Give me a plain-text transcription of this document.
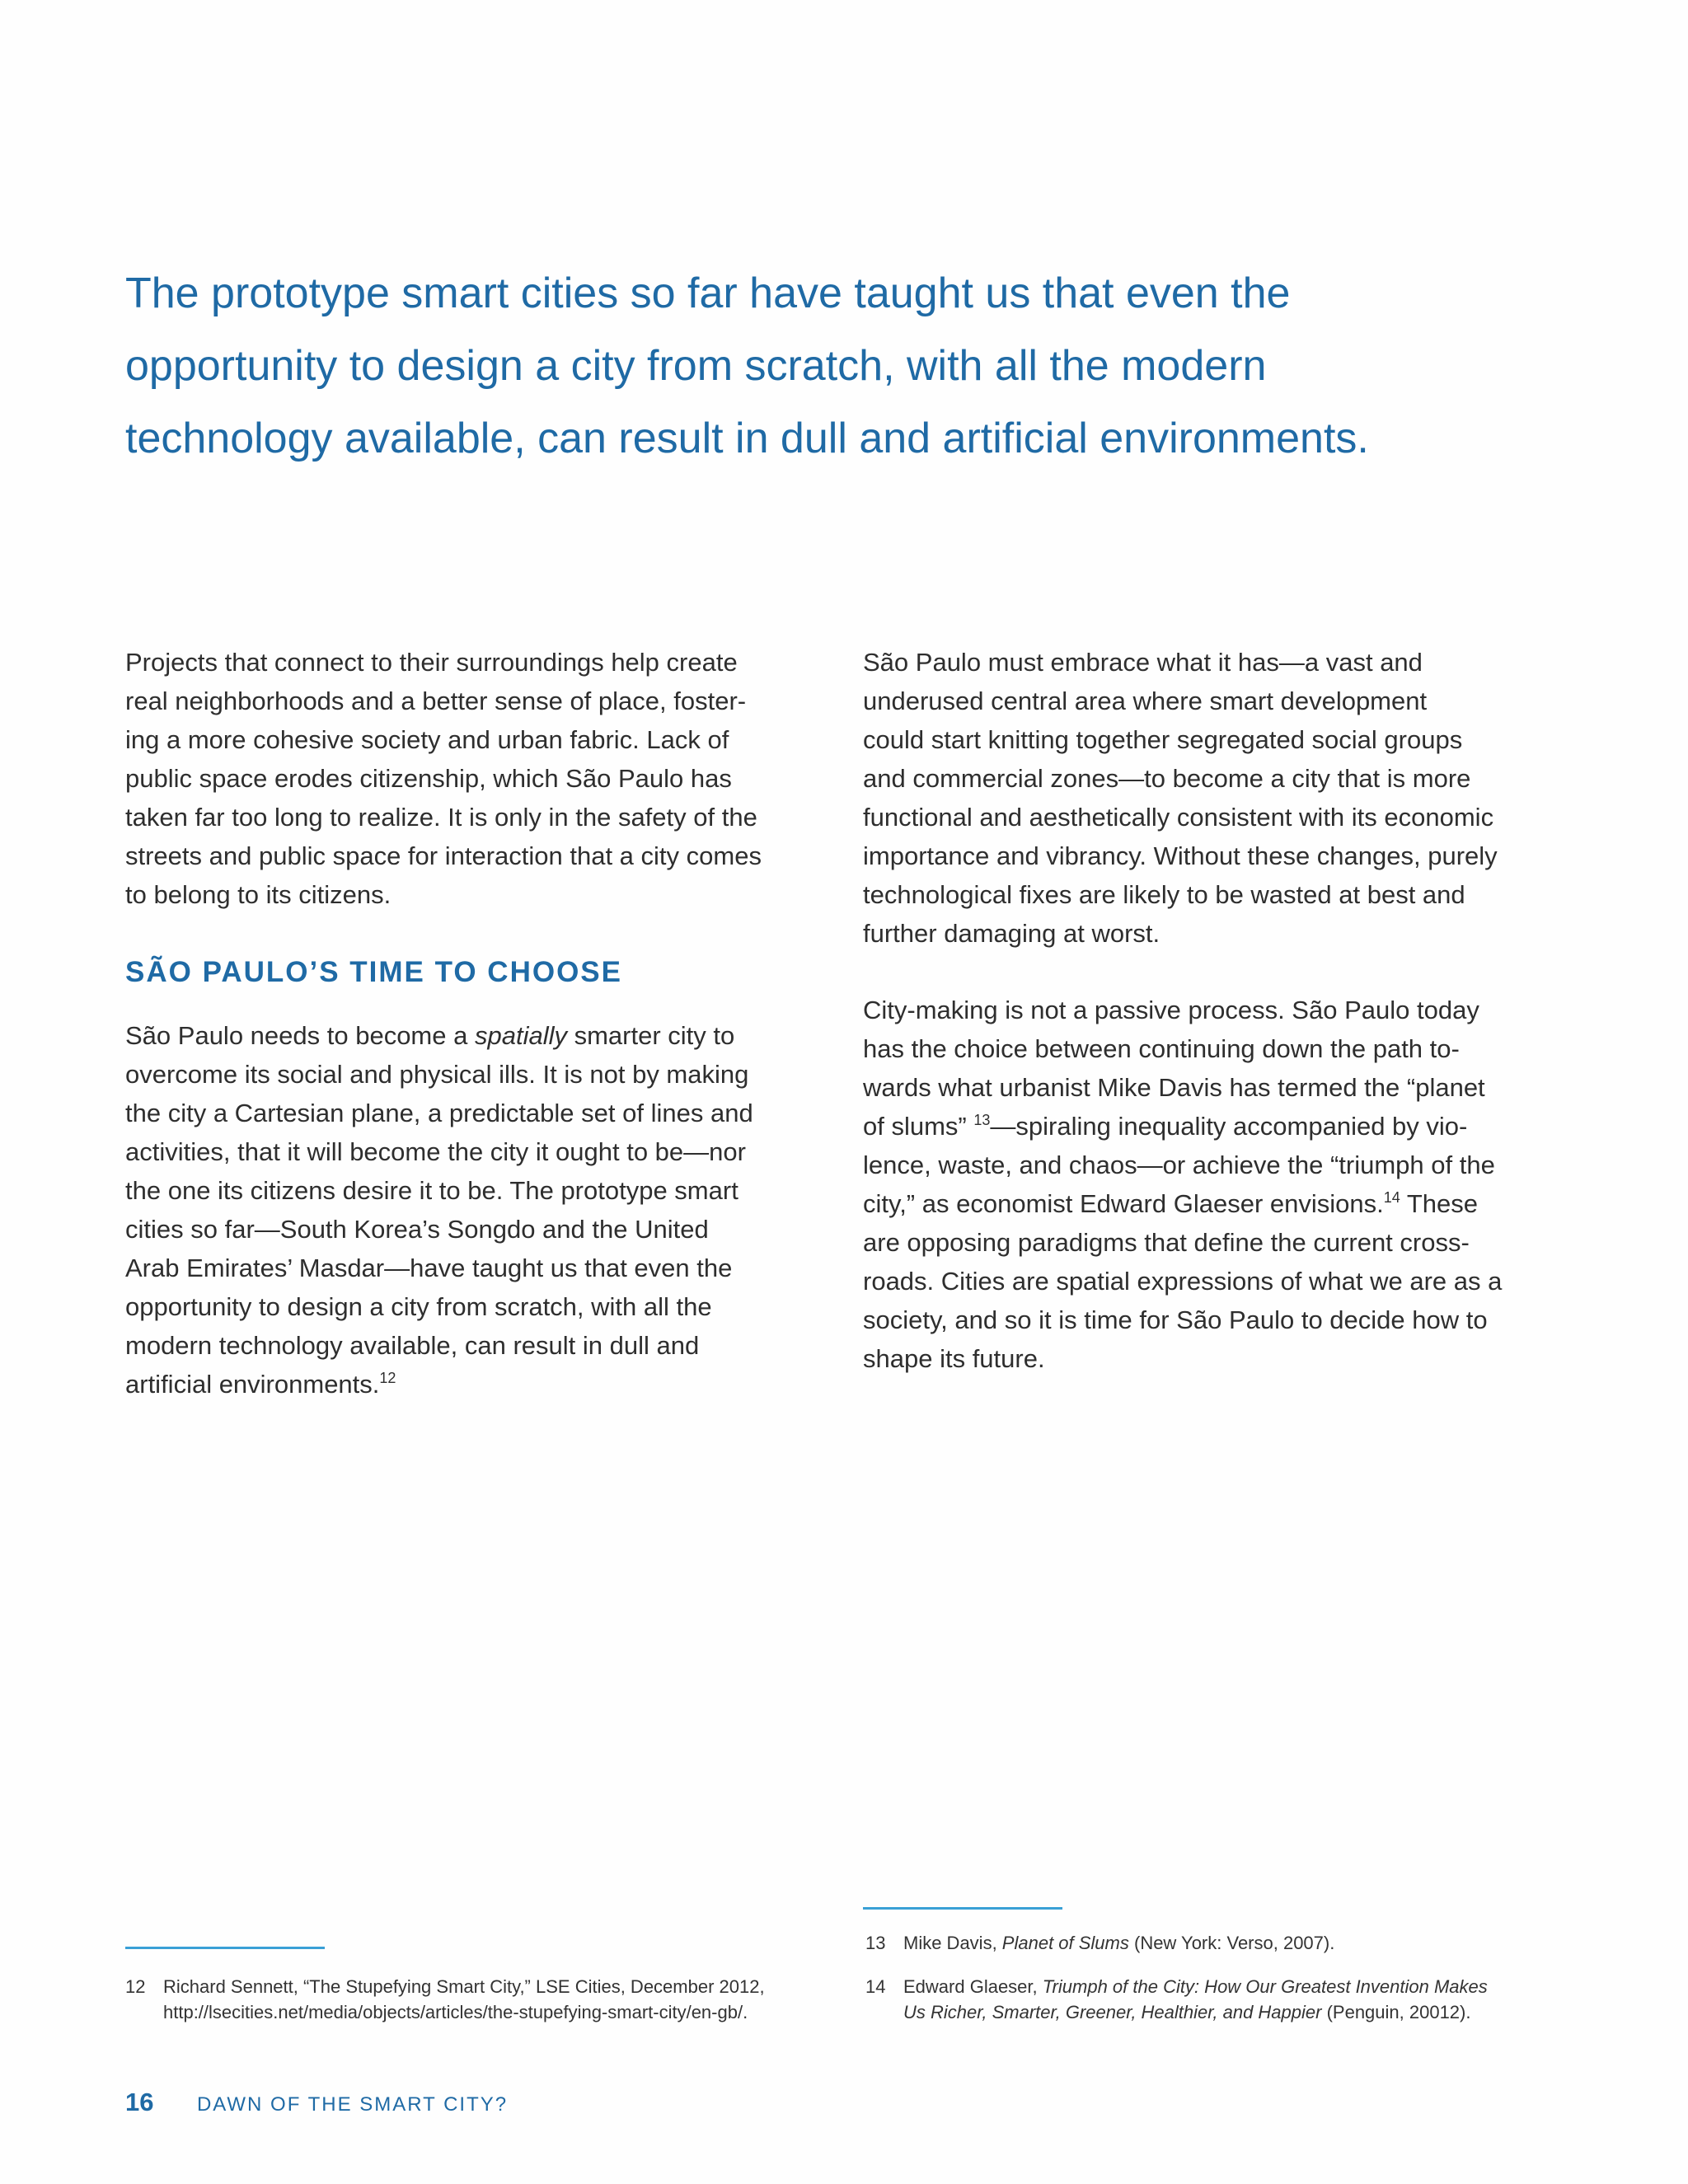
The prototype smart cities so far have taught us that even the
opportunity to design a city from scratch, with all the modern
technology available, can result in dull and artificial environments.

Projects that connect to their surroundings help create
real neighborhoods and a better sense of place, foster-
ing a more cohesive society and urban fabric. Lack of
public space erodes citizenship, which São Paulo has
taken far too long to realize. It is only in the safety of the
streets and public space for interaction that a city comes
to belong to its citizens.

SÃO PAULO’S TIME TO CHOOSE

São Paulo needs to become a spatially smarter city to
overcome its social and physical ills. It is not by making
the city a Cartesian plane, a predictable set of lines and
activities, that it will become the city it ought to be—nor
the one its citizens desire it to be. The prototype smart
cities so far—South Korea’s Songdo and the United
Arab Emirates’ Masdar—have taught us that even the
opportunity to design a city from scratch, with all the
modern technology available, can result in dull and
artificial environments.$^{12}$

São Paulo must embrace what it has—a vast and
underused central area where smart development
could start knitting together segregated social groups
and commercial zones—to become a city that is more
functional and aesthetically consistent with its economic
importance and vibrancy. Without these changes, purely
technological fixes are likely to be wasted at best and
further damaging at worst.

City-making is not a passive process. São Paulo today
has the choice between continuing down the path to-
wards what urbanist Mike Davis has termed the “planet
of slums” $^{13}$—spiraling inequality accompanied by vio-
lence, waste, and chaos—or achieve the “triumph of the
city,” as economist Edward Glaeser envisions.$^{14}$ These
are opposing paradigms that define the current cross-
roads. Cities are spatial expressions of what we are as a
society, and so it is time for São Paulo to decide how to
shape its future.

13 Mike Davis, Planet of Slums (New York: Verso, 2007).
12 Richard Sennett, “The Stupefying Smart City,” LSE Cities, December 2012,
http://lsecities.net/media/objects/articles/the-stupefying-smart-city/en-gb/.
14 Edward Glaeser, Triumph of the City: How Our Greatest Invention Makes
Us Richer, Smarter, Greener, Healthier, and Happier (Penguin, 20012).
16 DAWN OF THE SMART CITY?
